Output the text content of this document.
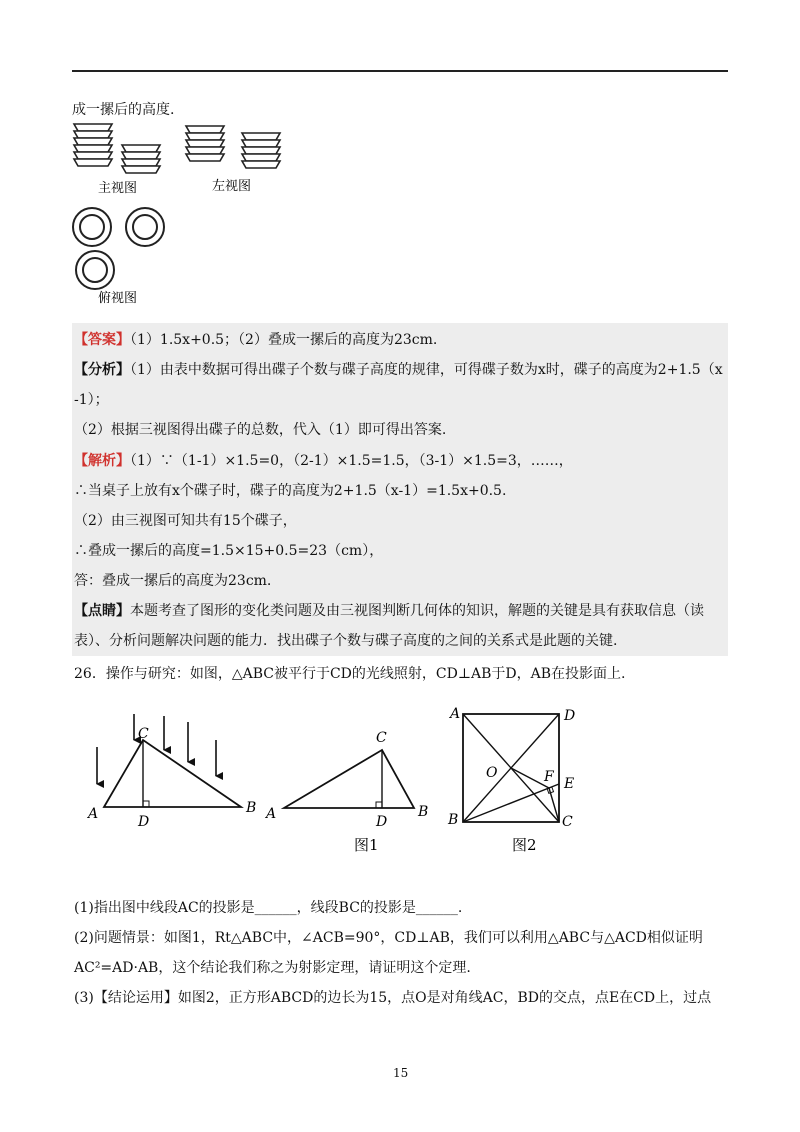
成一摞后的高度.
主视图	左视图
俯视图
【答案】（1）1.5x+0.5；（2）叠成一摞后的高度为23cm.
【分析】（1）由表中数据可得出碟子个数与碟子高度的规律，可得碟子数为x时，碟子的高度为2+1.5（x
-1）；
（2）根据三视图得出碟子的总数，代入（1）即可得出答案.
【解析】（1）∵（1-1）×1.5=0，（2-1）×1.5=1.5，（3-1）×1.5=3，……，
∴当桌子上放有x个碟子时，碟子的高度为2+1.5（x-1）=1.5x+0.5.
（2）由三视图可知共有15个碟子，
∴叠成一摞后的高度=1.5×15+0.5=23（cm），
答：叠成一摞后的高度为23cm.
【点睛】本题考查了图形的变化类问题及由三视图判断几何体的知识，解题的关键是具有获取信息（读
表）、分析问题解决问题的能力．找出碟子个数与碟子高度的之间的关系式是此题的关键.
26．操作与研究：如图，△ABC被平行于CD的光线照射，CD⊥AB于D，AB在投影面上.
C
A	D
B
C
A	D
B
图1
A	D
O	F E
B	C
图2
(1)指出图中线段AC的投影是______，线段BC的投影是______.
(2)问题情景：如图1，Rt△ABC中，∠ACB=90°，CD⊥AB，我们可以利用△ABC与△ACD相似证明
AC²=AD·AB，这个结论我们称之为射影定理，请证明这个定理.
(3)【结论运用】如图2，正方形ABCD的边长为15，点O是对角线AC，BD的交点，点E在CD上，过点
15
